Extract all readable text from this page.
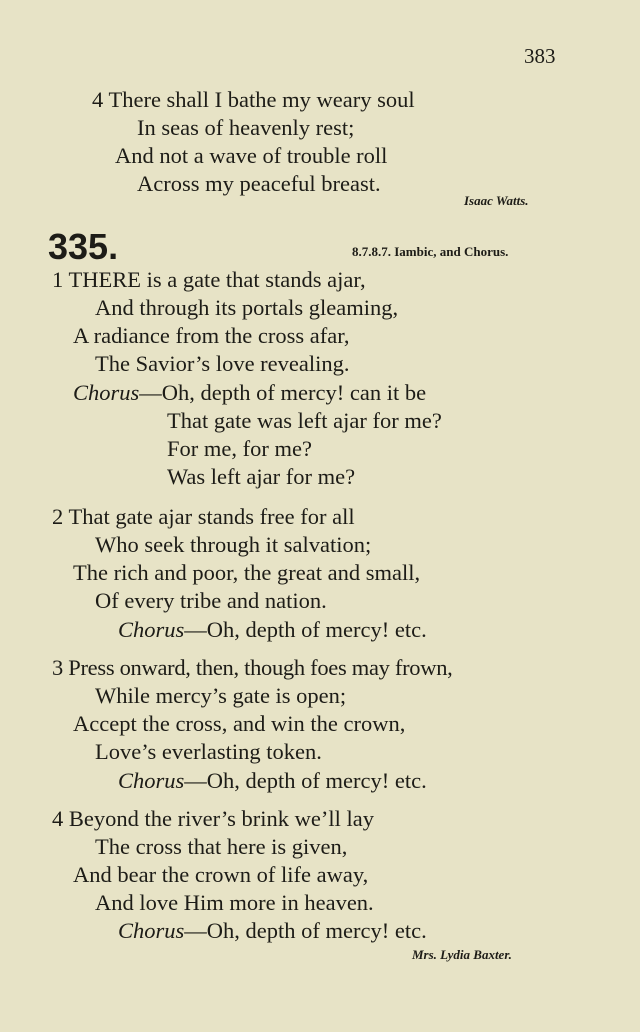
383
4 There shall I bathe my weary soul
In seas of heavenly rest;
And not a wave of trouble roll
Across my peaceful breast.
Isaac Watts.
335.	8.7.8.7. Iambic, and Chorus.
1 THERE is a gate that stands ajar,
And through its portals gleaming,
A radiance from the cross afar,
The Savior’s love revealing.
Chorus—Oh, depth of mercy! can it be
That gate was left ajar for me?
For me, for me?
Was left ajar for me?
2 That gate ajar stands free for all
Who seek through it salvation;
The rich and poor, the great and small,
Of every tribe and nation.
Chorus—Oh, depth of mercy! etc.
3 Press onward, then, though foes may frown,
While mercy’s gate is open;
Accept the cross, and win the crown,
Love’s everlasting token.
Chorus—Oh, depth of mercy! etc.
4 Beyond the river’s brink we’ll lay
The cross that here is given,
And bear the crown of life away,
And love Him more in heaven.
Chorus—Oh, depth of mercy! etc.
Mrs. Lydia Baxter.
